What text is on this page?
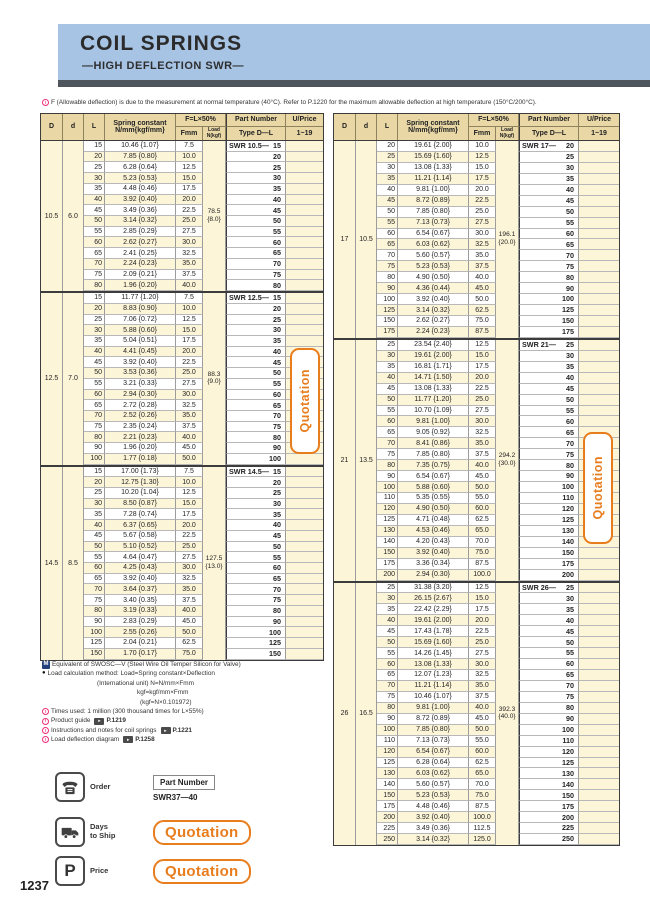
COIL SPRINGS
—HIGH DEFLECTION SWR—
! F (Allowable deflection) is due to the measurement at normal temperature (40°C). Refer to P.1220 for the maximum allowable deflection at high temperature (150°C/200°C).
D	d	L
Spring constant
N/mm{kgf/mm}
F=L×50%
Fmm	Load
N(kgf)
Part Number
Type D—L
U/Price
1~19
10.5	6.0
78.5
{8.0}
15	10.46 {1.07}	7.5	SWR 10.5— 15
20	7.85 {0.80}	10.0	20
25	6.28 {0.64}	12.5	25
30	5.23 {0.53}	15.0	30
35	4.48 {0.46}	17.5	35
40	3.92 {0.40}	20.0	40
45	3.49 {0.36}	22.5	45
50	3.14 {0.32}	25.0	50
55	2.85 {0.29}	27.5	55
60	2.62 {0.27}	30.0	60
65	2.41 {0.25}	32.5	65
70	2.24 {0.23}	35.0	70
75	2.09 {0.21}	37.5	75
80	1.96 {0.20}	40.0	80
12.5	7.0
88.3
{9.0}
15	11.77 {1.20}	7.5	SWR 12.5— 15
20	8.83 {0.90}	10.0	20
25	7.06 {0.72}	12.5	25
30	5.88 {0.60}	15.0	30
35	5.04 {0.51}	17.5	35
40	4.41 {0.45}	20.0	40
45	3.92 {0.40}	22.5	45
50	3.53 {0.36}	25.0	50
55	3.21 {0.33}	27.5	55
60	2.94 {0.30}	30.0	60
65	2.72 {0.28}	32.5	65
70	2.52 {0.26}	35.0	70
75	2.35 {0.24}	37.5	75
80	2.21 {0.23}	40.0	80
90	1.96 {0.20}	45.0	90
100	1.77 {0.18}	50.0	100
14.5	8.5
127.5
{13.0}
15	17.00 {1.73}	7.5	SWR 14.5— 15
20	12.75 {1.30}	10.0	20
25	10.20 {1.04}	12.5	25
30	8.50 {0.87}	15.0	30
35	7.28 {0.74}	17.5	35
40	6.37 {0.65}	20.0	40
45	5.67 {0.58}	22.5	45
50	5.10 {0.52}	25.0	50
55	4.64 {0.47}	27.5	55
60	4.25 {0.43}	30.0	60
65	3.92 {0.40}	32.5	65
70	3.64 {0.37}	35.0	70
75	3.40 {0.35}	37.5	75
80	3.19 {0.33}	40.0	80
90	2.83 {0.29}	45.0	90
100	2.55 {0.26}	50.0	100
125	2.04 {0.21}	62.5	125
150	1.70 {0.17}	75.0	150
Quotation
D	d	L
Spring constant
N/mm{kgf/mm}
F=L×50%
Fmm	Load
N(kgf)
Part Number
Type D—L
U/Price
1~19
17	10.5
196.1
{20.0}
20	19.61 {2.00}	10.0	SWR 17— 20
25	15.69 {1.60}	12.5	25
30	13.08 {1.33}	15.0	30
35	11.21 {1.14}	17.5	35
40	9.81 {1.00}	20.0	40
45	8.72 {0.89}	22.5	45
50	7.85 {0.80}	25.0	50
55	7.13 {0.73}	27.5	55
60	6.54 {0.67}	30.0	60
65	6.03 {0.62}	32.5	65
70	5.60 {0.57}	35.0	70
75	5.23 {0.53}	37.5	75
80	4.90 {0.50}	40.0	80
90	4.36 {0.44}	45.0	90
100	3.92 {0.40}	50.0	100
125	3.14 {0.32}	62.5	125
150	2.62 {0.27}	75.0	150
175	2.24 {0.23}	87.5	175
21	13.5
294.2
{30.0}
25	23.54 {2.40}	12.5	SWR 21— 25
30	19.61 {2.00}	15.0	30
35	16.81 {1.71}	17.5	35
40	14.71 {1.50}	20.0	40
45	13.08 {1.33}	22.5	45
50	11.77 {1.20}	25.0	50
55	10.70 {1.09}	27.5	55
60	9.81 {1.00}	30.0	60
65	9.05 {0.92}	32.5	65
70	8.41 {0.86}	35.0	70
75	7.85 {0.80}	37.5	75
80	7.35 {0.75}	40.0	80
90	6.54 {0.67}	45.0	90
100	5.88 {0.60}	50.0	100
110	5.35 {0.55}	55.0	110
120	4.90 {0.50}	60.0	120
125	4.71 {0.48}	62.5	125
130	4.53 {0.46}	65.0	130
140	4.20 {0.43}	70.0	140
150	3.92 {0.40}	75.0	150
175	3.36 {0.34}	87.5	175
200	2.94 {0.30}	100.0	200
26	16.5
392.3
{40.0}
25	31.38 {3.20}	12.5	SWR 26— 25
30	26.15 {2.67}	15.0	30
35	22.42 {2.29}	17.5	35
40	19.61 {2.00}	20.0	40
45	17.43 {1.78}	22.5	45
50	15.69 {1.60}	25.0	50
55	14.26 {1.45}	27.5	55
60	13.08 {1.33}	30.0	60
65	12.07 {1.23}	32.5	65
70	11.21 {1.14}	35.0	70
75	10.46 {1.07}	37.5	75
80	9.81 {1.00}	40.0	80
90	8.72 {0.89}	45.0	90
100	7.85 {0.80}	50.0	100
110	7.13 {0.73}	55.0	110
120	6.54 {0.67}	60.0	120
125	6.28 {0.64}	62.5	125
130	6.03 {0.62}	65.0	130
140	5.60 {0.57}	70.0	140
150	5.23 {0.53}	75.0	150
175	4.48 {0.46}	87.5	175
200	3.92 {0.40}	100.0	200
225	3.49 {0.36}	112.5	225
250	3.14 {0.32}	125.0	250
Quotation
M Equivalent of SWOSC—V (Steel Wire Oil Temper Silicon for Valve)
● Load calculation method: Load=Spring constant×Deflection
(International unit) N=N/mm×Fmm
kgf=kgf/mm×Fmm
(kgf=N×0.101972)
! Times used: 1 million (300 thousand times for L×55%)
! Product guide	► P.1219
! Instructions and notes for coil springs	► P.1221
! Load deflection diagram	► P.1258
Order	Part Number
SWR37—40
Days
to Ship	Quotation
P Price	Quotation
1237
